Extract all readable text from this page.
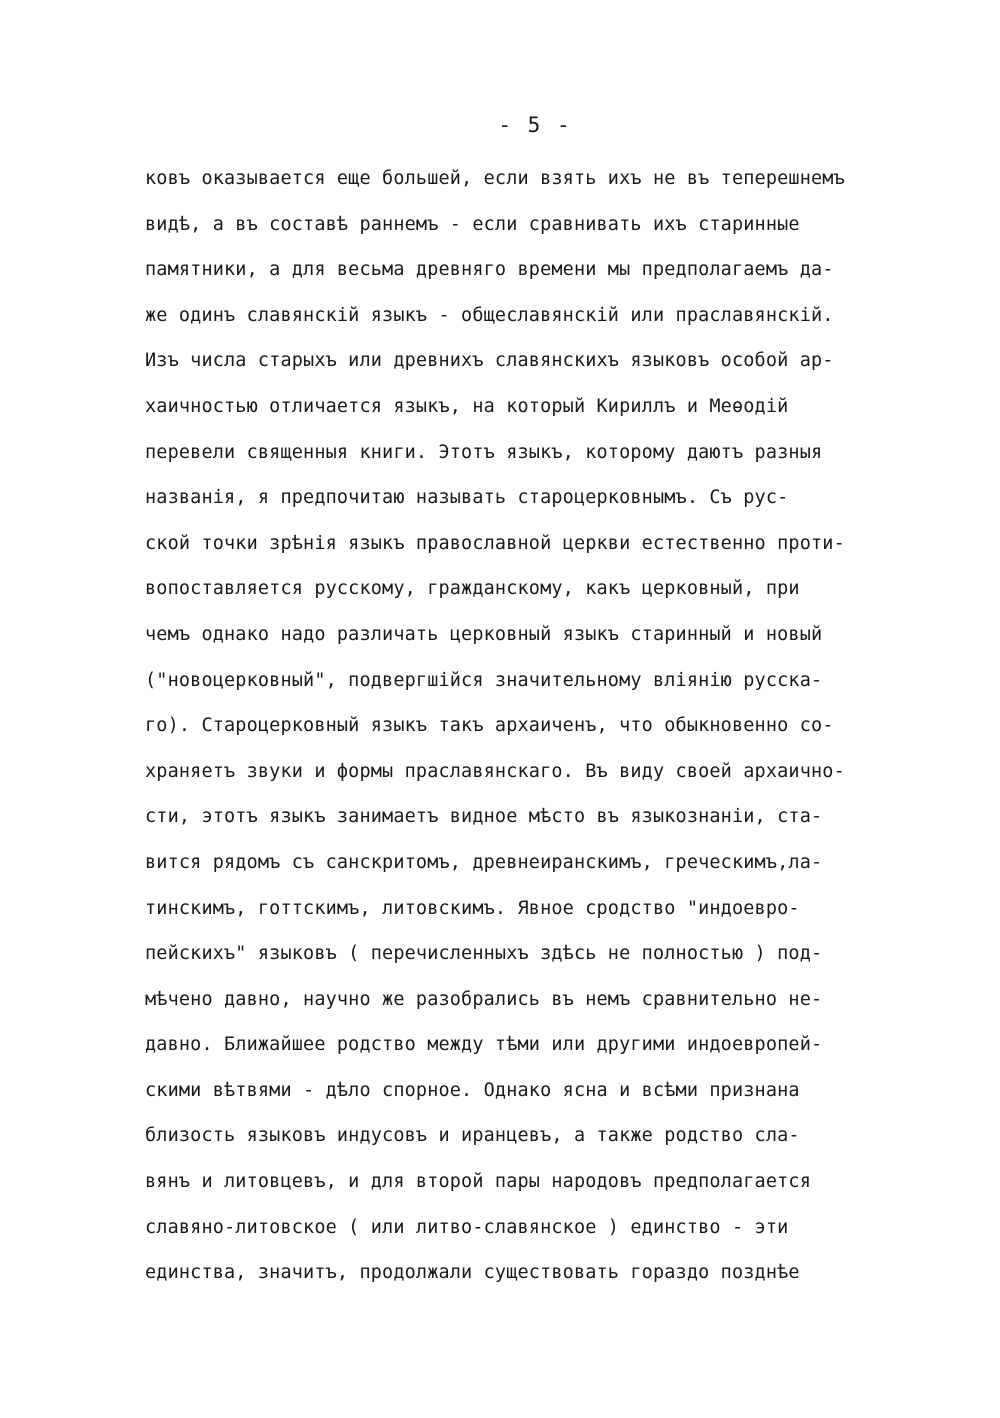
- 5 -
ковъ оказывается еще большей, если взять ихъ не въ теперешнемъ
видѣ, а въ составѣ раннемъ - если сравнивать ихъ старинные
памятники, а для весьма древняго времени мы предполагаемъ да-
же одинъ славянскій языкъ - общеславянскій или праславянскій.
Изъ числа старыхъ или древнихъ славянскихъ языковъ особой ар-
хаичностью отличается языкъ, на который Кириллъ и Меѳодій
перевели священныя книги. Этотъ языкъ, которому даютъ разныя
названія, я предпочитаю называть староцерковнымъ. Съ рус-
ской точки зрѣнія языкъ православной церкви естественно проти-
вопоставляется русскому, гражданскому, какъ церковный, при
чемъ однако надо различать церковный языкъ старинный и новый
("новоцерковный", подвергшійся значительному вліянію русска-
го). Староцерковный языкъ такъ архаиченъ, что обыкновенно со-
храняетъ звуки и формы праславянскаго. Въ виду своей архаично-
сти, этотъ языкъ занимаетъ видное мѣсто въ языкознаніи, ста-
вится рядомъ съ санскритомъ, древнеиранскимъ, греческимъ,ла-
тинскимъ, готтскимъ, литовскимъ. Явное сродство "индоевро-
пейскихъ" языковъ ( перечисленныхъ здѣсь не полностью ) под-
мѣчено давно, научно же разобрались въ немъ сравнительно не-
давно. Ближайшее родство между тѣми или другими индоевропей-
скими вѣтвями - дѣло спорное. Однако ясна и всѣми признана
близость языковъ индусовъ и иранцевъ, а также родство сла-
вянъ и литовцевъ, и для второй пары народовъ предполагается
славяно-литовское ( или литво-славянское ) единство - эти
единства, значитъ, продолжали существовать гораздо позднѣе
